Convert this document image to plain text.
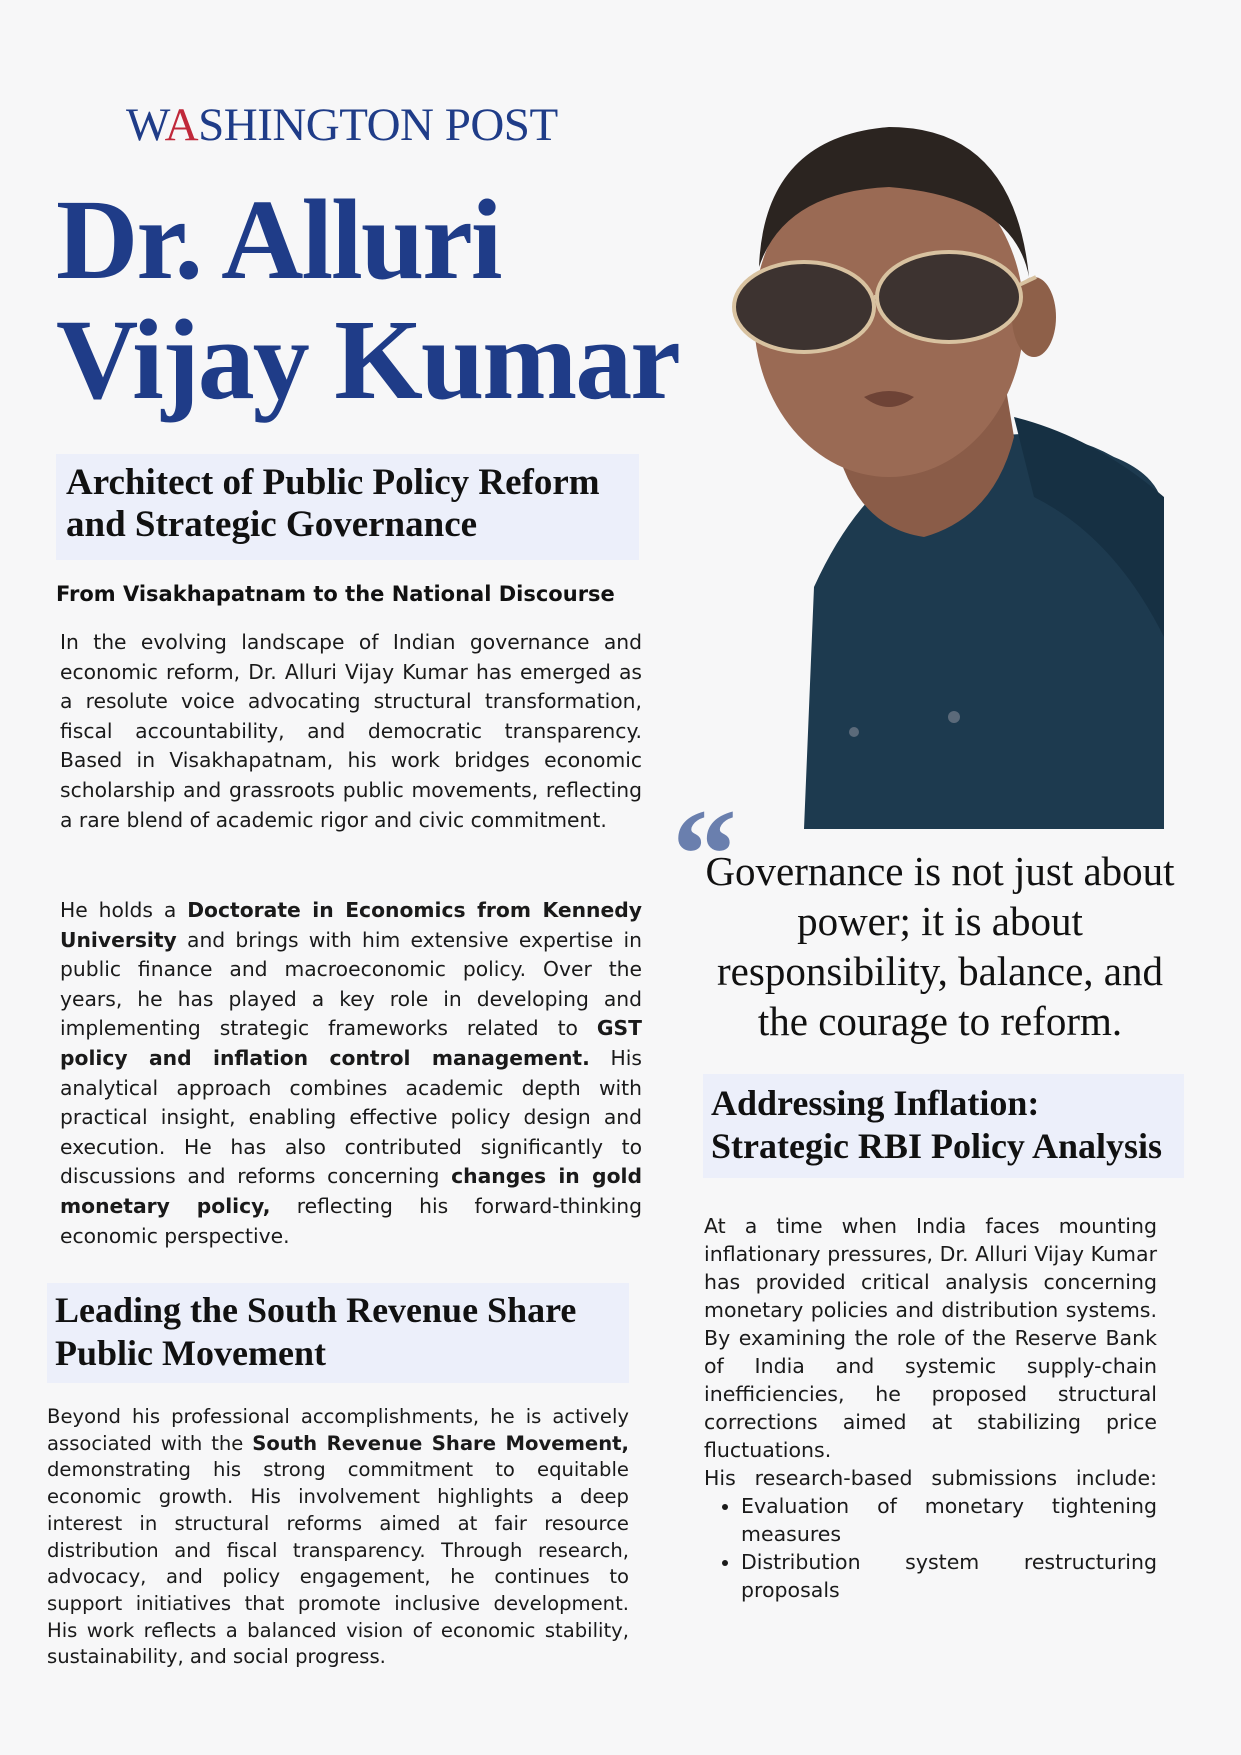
WASHINGTON POST
Dr. Alluri
Vijay Kumar
Architect of Public Policy Reform and Strategic Governance
From Visakhapatnam to the National Discourse
In the evolving landscape of Indian governance and economic reform, Dr. Alluri Vijay Kumar has emerged as a resolute voice advocating structural transformation, fiscal accountability, and democratic transparency. Based in Visakhapatnam, his work bridges economic scholarship and grassroots public movements, reflecting a rare blend of academic rigor and civic commitment.
He holds a Doctorate in Economics from Kennedy University and brings with him extensive expertise in public finance and macroeconomic policy. Over the years, he has played a key role in developing and implementing strategic frameworks related to GST policy and inflation control management. His analytical approach combines academic depth with practical insight, enabling effective policy design and execution. He has also contributed significantly to discussions and reforms concerning changes in gold monetary policy, reflecting his forward-thinking economic perspective.
Leading the South Revenue Share Public Movement
Beyond his professional accomplishments, he is actively associated with the South Revenue Share Movement, demonstrating his strong commitment to equitable economic growth. His involvement highlights a deep interest in structural reforms aimed at fair resource distribution and fiscal transparency. Through research, advocacy, and policy engagement, he continues to support initiatives that promote inclusive development. His work reflects a balanced vision of economic stability, sustainability, and social progress.
“
Governance is not just about power; it is about responsibility, balance, and the courage to reform.
Addressing Inflation: Strategic RBI Policy Analysis
At a time when India faces mounting inflationary pressures, Dr. Alluri Vijay Kumar has provided critical analysis concerning monetary policies and distribution systems. By examining the role of the Reserve Bank of India and systemic supply-chain inefficiencies, he proposed structural corrections aimed at stabilizing price fluctuations.
His research-based submissions include:
• Evaluation of monetary tightening measures
• Distribution system restructuring proposals
